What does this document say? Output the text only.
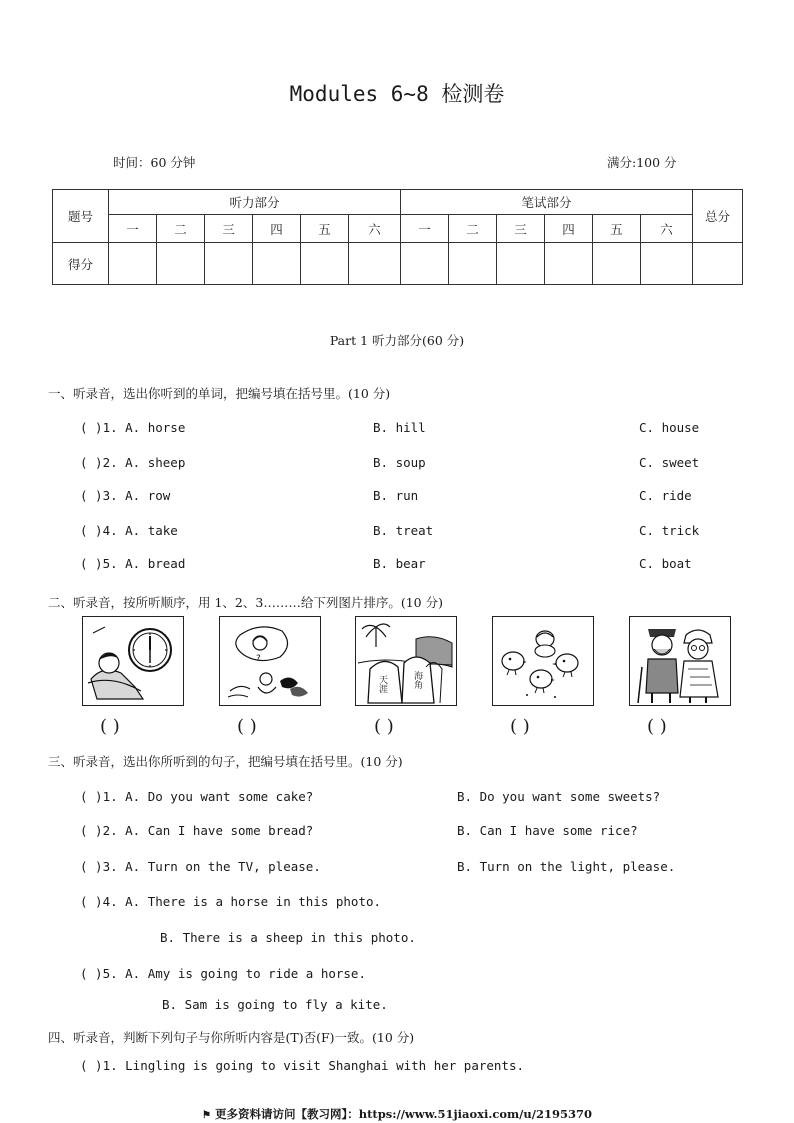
Modules 6~8 检测卷
时间：60 分钟	满分:100 分
题号	听力部分						笔试部分						总分
	一	二	三	四	五	六	一	二	三	四	五	六	
得分													
Part 1 听力部分(60 分)
一、听录音，选出你听到的单词，把编号填在括号里。(10 分)
( )1. A. horse	B. hill	C. house
( )2. A. sheep	B. soup	C. sweet
( )3. A. row	B. run	C. ride
( )4. A. take	B. treat	C. trick
( )5. A. bread	B. bear	C. boat
二、听录音，按所听顺序，用 1、2、3………给下列图片排序。(10 分)
?
天涯	海角
( )	( )	( )	( )	( )
三、听录音，选出你所听到的句子，把编号填在括号里。(10 分)
( )1. A. Do you want some cake?	B. Do you want some sweets?
( )2. A. Can I have some bread?	B. Can I have some rice?
( )3. A. Turn on the TV, please.	B. Turn on the light, please.
( )4. A. There is a horse in this photo.
B. There is a sheep in this photo.
( )5. A. Amy is going to ride a horse.
B. Sam is going to fly a kite.
四、听录音，判断下列句子与你所听内容是(T)否(F)一致。(10 分)
( )1. Lingling is going to visit Shanghai with her parents.
⚑ 更多资料请访问【教习网】：https://www.51jiaoxi.com/u/2195370
